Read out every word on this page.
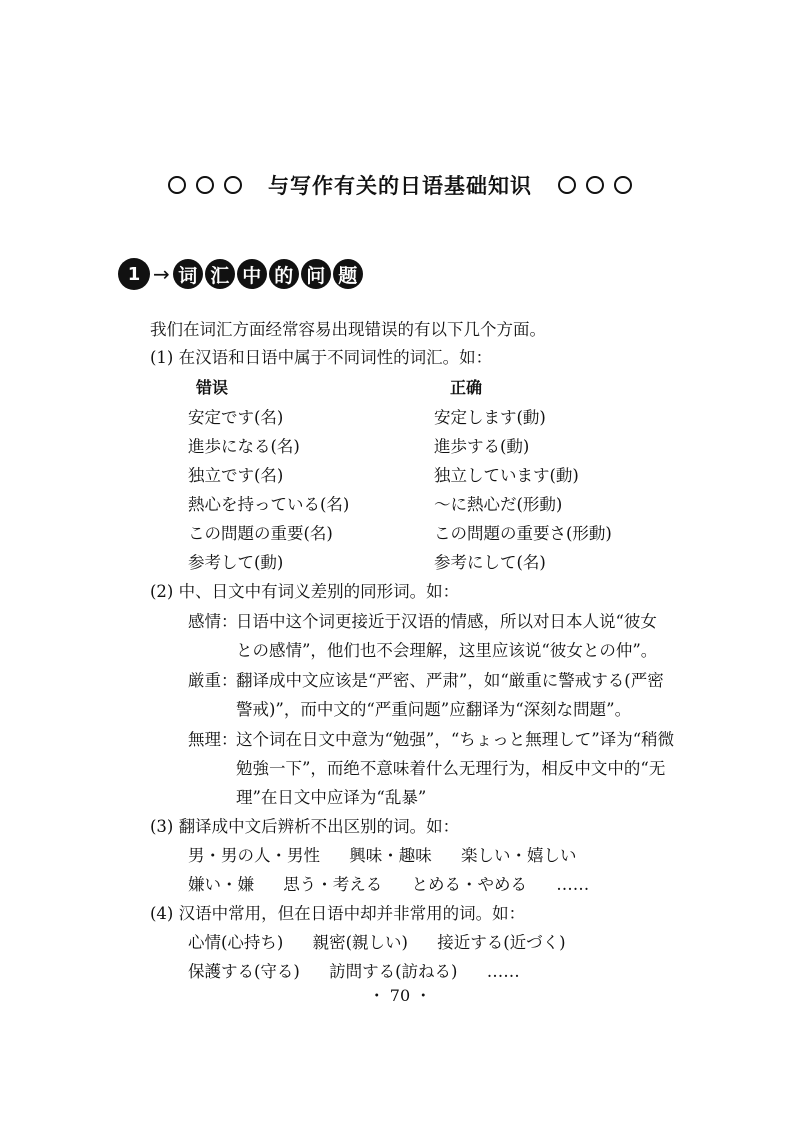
与写作有关的日语基础知识
1 → 词 汇 中 的 问 题
我们在词汇方面经常容易出现错误的有以下几个方面。
(1) 在汉语和日语中属于不同词性的词汇。如：
错误	正确
安定です(名)	安定します(動)
進歩になる(名)	進歩する(動)
独立です(名)	独立しています(動)
熱心を持っている(名)	～に熱心だ(形動)
この問題の重要(名)	この問題の重要さ(形動)
参考して(動)	参考にして(名)
(2) 中、日文中有词义差别的同形词。如：
感情：
日语中这个词更接近于汉语的情感，所以对日本人说“彼女
との感情”，他们也不会理解，这里应该说“彼女との仲”。
厳重：
翻译成中文应该是“严密、严肃”，如“厳重に警戒する(严密
警戒)”，而中文的“严重问题”应翻译为“深刻な問題”。
無理：
这个词在日文中意为“勉强”，“ちょっと無理して”译为“稍微
勉強一下”，而绝不意味着什么无理行为，相反中文中的“无
理”在日文中应译为“乱暴”
(3) 翻译成中文后辨析不出区别的词。如：
男・男の人・男性 興味・趣味 楽しい・嬉しい
嫌い・嫌 思う・考える とめる・やめる ……
(4) 汉语中常用，但在日语中却并非常用的词。如：
心情(心持ち) 親密(親しい) 接近する(近づく)
保護する(守る) 訪問する(訪ねる) ……
・ 70 ・
